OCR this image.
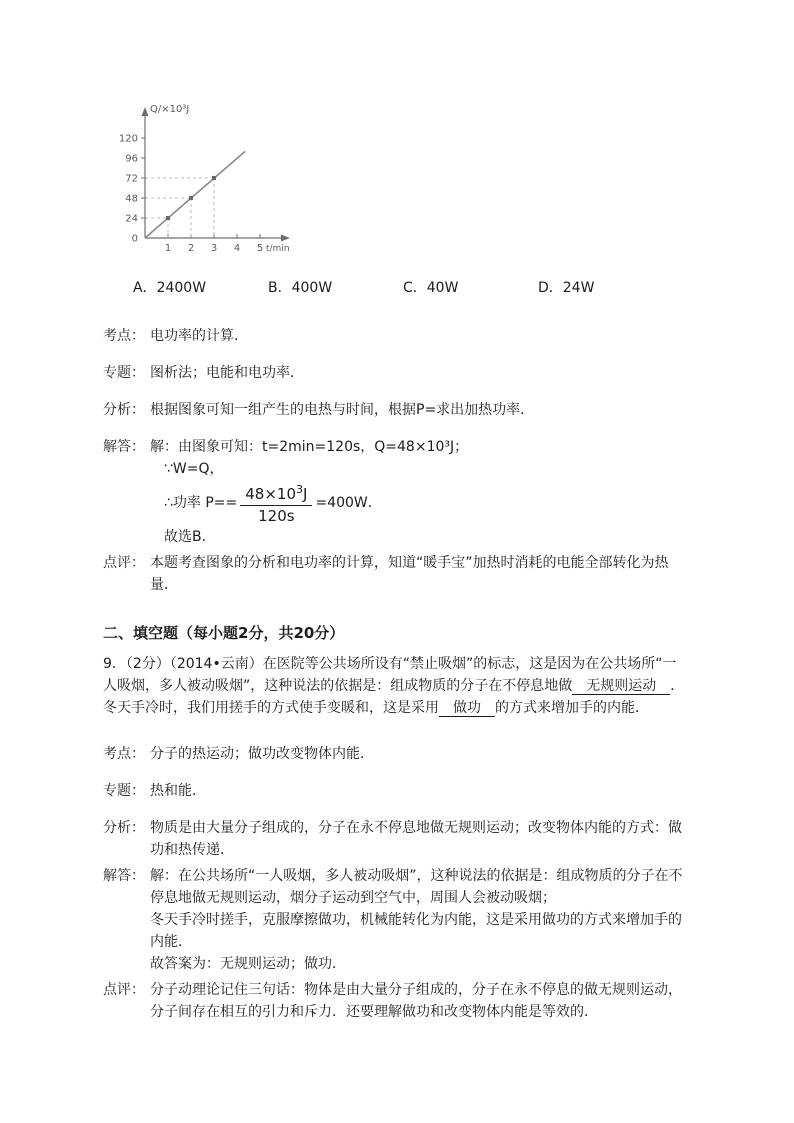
0
24
48
72
96
120
1 2 3 4 5
Q/×10³J
t/min
A．2400W	B．400W	C．40W	D．24W
考点： 电功率的计算．
专题： 图析法；电能和电功率．
分析： 根据图象可知一组产生的电热与时间，根据P=求出加热功率．
解答： 解：由图象可知：t=2min=120s，Q=48×10³J；
∵W=Q，
∴功率 $P== \frac{48\times 10^3J}{120s} =400W$．
故选B．
点评： 本题考查图象的分析和电功率的计算，知道“暖手宝”加热时消耗的电能全部转化为热量．
二、填空题（每小题2分，共20分）
9．（2分）（2014•云南）在医院等公共场所设有“禁止吸烟”的标志，这是因为在公共场所“一人吸烟，多人被动吸烟”，这种说法的依据是：组成物质的分子在不停息地做 无规则运动 ．冬天手冷时，我们用搓手的方式使手变暖和，这是采用 做功 的方式来增加手的内能．
考点： 分子的热运动；做功改变物体内能．
专题： 热和能．
分析： 物质是由大量分子组成的，分子在永不停息地做无规则运动；改变物体内能的方式：做功和热传递．
解答： 解：在公共场所“一人吸烟，多人被动吸烟”，这种说法的依据是：组成物质的分子在不停息地做无规则运动，烟分子运动到空气中，周围人会被动吸烟；
冬天手冷时搓手，克服摩擦做功，机械能转化为内能，这是采用做功的方式来增加手的内能．
故答案为：无规则运动；做功．
点评： 分子动理论记住三句话：物体是由大量分子组成的，分子在永不停息的做无规则运动，分子间存在相互的引力和斥力．还要理解做功和改变物体内能是等效的．
